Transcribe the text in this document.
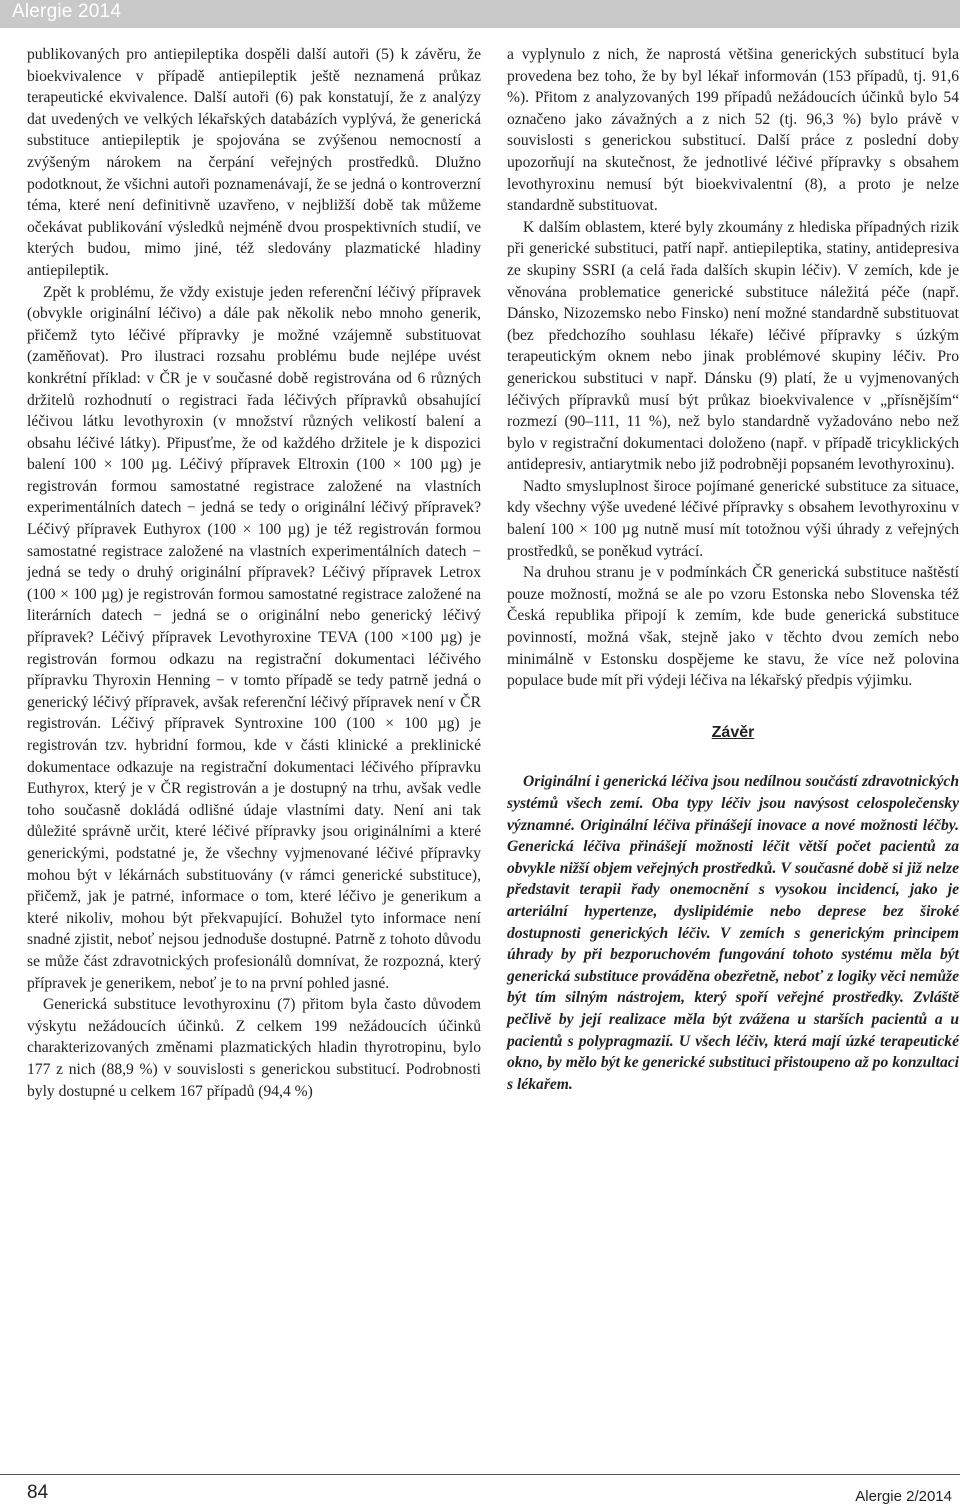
Alergie 2014

publikovaných pro antiepileptika dospěli další autoři (5) k závěru, že bioekvivalence v případě antiepileptik ještě neznamená průkaz terapeutické ekvivalence. Další autoři (6) pak konstatují, že z analýzy dat uvedených ve velkých lékařských databázích vyplývá, že generická substituce antiepileptik je spojována se zvýšenou nemocností a zvýšeným nárokem na čerpání veřejných prostředků. Dlužno podotknout, že všichni autoři poznamenávají, že se jedná o kontroverzní téma, které není definitivně uzavřeno, v nejbližší době tak můžeme očekávat publikování výsledků nejméně dvou prospektivních studií, ve kterých budou, mimo jiné, též sledovány plazmatické hladiny antiepileptik.

Zpět k problému, že vždy existuje jeden referenční léčivý přípravek (obvykle originální léčivo) a dále pak několik nebo mnoho generik, přičemž tyto léčivé přípravky je možné vzájemně substituovat (zaměňovat). Pro ilustraci rozsahu problému bude nejlépe uvést konkrétní příklad: v ČR je v současné době registrována od 6 různých držitelů rozhodnutí o registraci řada léčivých přípravků obsahující léčivou látku levothyroxin (v množství různých velikostí balení a obsahu léčivé látky). Připusťme, že od každého držitele je k dispozici balení 100 × 100 µg. Léčivý přípravek Eltroxin (100 × 100 µg) je registrován formou samostatné registrace založené na vlastních experimentálních datech − jedná se tedy o originální léčivý přípravek? Léčivý přípravek Euthyrox (100 × 100 µg) je též registrován formou samostatné registrace založené na vlastních experimentálních datech − jedná se tedy o druhý originální přípravek? Léčivý přípravek Letrox (100 × 100 µg) je registrován formou samostatné registrace založené na literárních datech − jedná se o originální nebo generický léčivý přípravek? Léčivý přípravek Levothyroxine TEVA (100 ×100 µg) je registrován formou odkazu na registrační dokumentaci léčivého přípravku Thyroxin Henning − v tomto případě se tedy patrně jedná o generický léčivý přípravek, avšak referenční léčivý přípravek není v ČR registrován. Léčivý přípravek Syntroxine 100 (100 × 100 µg) je registrován tzv. hybridní formou, kde v části klinické a preklinické dokumentace odkazuje na registrační dokumentaci léčivého přípravku Euthyrox, který je v ČR registrován a je dostupný na trhu, avšak vedle toho současně dokládá odlišné údaje vlastními daty. Není ani tak důležité správně určit, které léčivé přípravky jsou originálními a které generickými, podstatné je, že všechny vyjmenované léčivé přípravky mohou být v lékárnách substituovány (v rámci generické substituce), přičemž, jak je patrné, informace o tom, které léčivo je generikum a které nikoliv, mohou být překvapující. Bohužel tyto informace není snadné zjistit, neboť nejsou jednoduše dostupné. Patrně z tohoto důvodu se může část zdravotnických profesionálů domnívat, že rozpozná, který přípravek je generikem, neboť je to na první pohled jasné.

Generická substituce levothyroxinu (7) přitom byla často důvodem výskytu nežádoucích účinků. Z celkem 199 nežádoucích účinků charakterizovaných změnami plazmatických hladin thyrotropinu, bylo 177 z nich (88,9 %) v souvislosti s generickou substitucí. Podrobnosti byly dostupné u celkem 167 případů (94,4 %)

a vyplynulo z nich, že naprostá většina generických substitucí byla provedena bez toho, že by byl lékař informován (153 případů, tj. 91,6 %). Přitom z analyzovaných 199 případů nežádoucích účinků bylo 54 označeno jako závažných a z nich 52 (tj. 96,3 %) bylo právě v souvislosti s generickou substitucí. Další práce z poslední doby upozorňují na skutečnost, že jednotlivé léčivé přípravky s obsahem levothyroxinu nemusí být bioekvivalentní (8), a proto je nelze standardně substituovat.

K dalším oblastem, které byly zkoumány z hlediska případných rizik při generické substituci, patří např. antiepileptika, statiny, antidepresiva ze skupiny SSRI (a celá řada dalších skupin léčiv). V zemích, kde je věnována problematice generické substituce náležitá péče (např. Dánsko, Nizozemsko nebo Finsko) není možné standardně substituovat (bez předchozího souhlasu lékaře) léčivé přípravky s úzkým terapeutickým oknem nebo jinak problémové skupiny léčiv. Pro generickou substituci v např. Dánsku (9) platí, že u vyjmenovaných léčivých přípravků musí být průkaz bioekvivalence v „přísnějším“ rozmezí (90–111, 11 %), než bylo standardně vyžadováno nebo než bylo v registrační dokumentaci doloženo (např. v případě tricyklických antidepresiv, antiarytmik nebo již podrobněji popsaném levothyroxinu).

Nadto smysluplnost široce pojímané generické substituce za situace, kdy všechny výše uvedené léčivé přípravky s obsahem levothyroxinu v balení 100 × 100 µg nutně musí mít totožnou výši úhrady z veřejných prostředků, se poněkud vytrácí.

Na druhou stranu je v podmínkách ČR generická substituce naštěstí pouze možností, možná se ale po vzoru Estonska nebo Slovenska též Česká republika připojí k zemím, kde bude generická substituce povinností, možná však, stejně jako v těchto dvou zemích nebo minimálně v Estonsku dospějeme ke stavu, že více než polovina populace bude mít při výdeji léčiva na lékařský předpis výjimku.

Závěr

Originální i generická léčiva jsou nedílnou součástí zdravotnických systémů všech zemí. Oba typy léčiv jsou navýsost celospolečensky významné. Originální léčiva přinášejí inovace a nové možnosti léčby. Generická léčiva přinášejí možnosti léčit větší počet pacientů za obvykle nižší objem veřejných prostředků. V současné době si již nelze představit terapii řady onemocnění s vysokou incidencí, jako je arteriální hypertenze, dyslipidémie nebo deprese bez široké dostupnosti generických léčiv. V zemích s generickým principem úhrady by při bezporuchovém fungování tohoto systému měla být generická substituce prováděna obezřetně, neboť z logiky věci nemůže být tím silným nástrojem, který spoří veřejné prostředky. Zvláště pečlivě by její realizace měla být zvážena u starších pacientů a u pacientů s polypragmazií. U všech léčiv, která mají úzké terapeutické okno, by mělo být ke generické substituci přistoupeno až po konzultaci s lékařem.

84	Alergie 2/2014
